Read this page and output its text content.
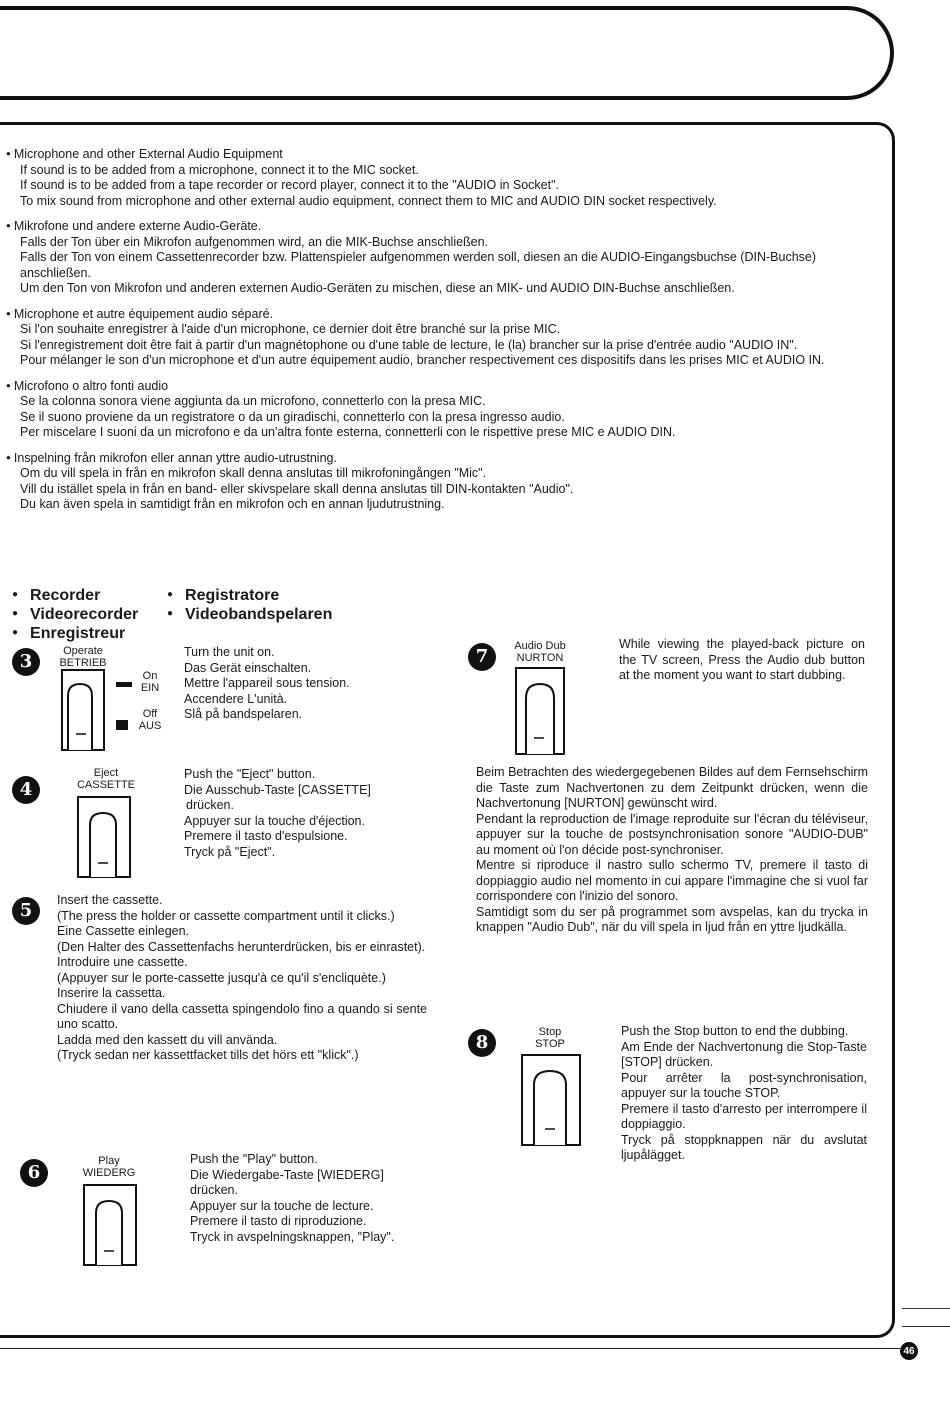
46
● Microphone and other External Audio Equipment
If sound is to be added from a microphone, connect it to the MIC socket.
If sound is to be added from a tape recorder or record player, connect it to the "AUDIO in Socket".
To mix sound from microphone and other external audio equipment, connect them to MIC and AUDIO DIN socket respectively.
● Mikrofone und andere externe Audio-Geräte.
Falls der Ton über ein Mikrofon aufgenommen wird, an die MIK-Buchse anschließen.
Falls der Ton von einem Cassettenrecorder bzw. Plattenspieler aufgenommen werden soll, diesen an die AUDIO-Eingangsbuchse (DIN-Buchse) anschließen.
Um den Ton von Mikrofon und anderen externen Audio-Geräten zu mischen, diese an MIK- und AUDIO DIN-Buchse anschließen.
● Microphone et autre équipement audio séparé.
Si l'on souhaite enregistrer à l'aide d'un microphone, ce dernier doit être branché sur la prise MIC.
Si l'enregistrement doit être fait à partir d'un magnétophone ou d'une table de lecture, le (la) brancher sur la prise d'entrée audio "AUDIO IN".
Pour mélanger le son d'un microphone et d'un autre équipement audio, brancher respectivement ces dispositifs dans les prises MIC et AUDIO IN.
● Microfono o altro fonti audio
Se la colonna sonora viene aggiunta da un microfono, connetterlo con la presa MIC.
Se il suono proviene da un registratore o da un giradischi, connetterlo con la presa ingresso audio.
Per miscelare I suoni da un microfono e da un'altra fonte esterna, connetterli con le rispettive prese MIC e AUDIO DIN.
● Inspelning från mikrofon eller annan yttre audio-utrustning.
Om du vill spela in från en mikrofon skall denna anslutas till mikrofoningången "Mic".
Vill du istället spela in från en band- eller skivspelare skall denna anslutas till DIN-kontakten "Audio".
Du kan även spela in samtidigt från en mikrofon och en annan ljudutrustning.
● Recorder
● Videorecorder
● Enregistreur
● Registratore
● Videobandspelaren
3
Operate
BETRIEB
On
EIN
Off
AUS
Turn the unit on.
Das Gerät einschalten.
Mettre l'appareil sous tension.
Accendere L'unità.
Slå på bandspelaren.
4
Eject
CASSETTE
Push the "Eject" button.
Die Ausschub-Taste [CASSETTE]
drücken.
Appuyer sur la touche d'éjection.
Premere il tasto d'espulsione.
Tryck på "Eject".
5
Insert the cassette.
(The press the holder or cassette compartment until it clicks.)
Eine Cassette einlegen.
(Den Halter des Cassettenfachs herunterdrücken, bis er einrastet).
Introduire une cassette.
(Appuyer sur le porte-cassette jusqu'à ce qu'il s'encliquète.)
Inserire la cassetta.
Chiudere il vano della cassetta spingendolo fino a quando si sente uno scatto.
Ladda med den kassett du vill använda.
(Tryck sedan ner kassettfacket tills det hörs ett "klick".)
6
Play
WIEDERG
Push the "Play" button.
Die Wiedergabe-Taste [WIEDERG]
drücken.
Appuyer sur la touche de lecture.
Premere il tasto di riproduzione.
Tryck in avspelningsknappen, "Play".
7
Audio Dub
NURTON
While viewing the played-back picture on the TV screen, Press the Audio dub button at the moment you want to start dubbing.
Beim Betrachten des wiedergegebenen Bildes auf dem Fernsehschirm die Taste zum Nachvertonen zu dem Zeitpunkt drücken, wenn die Nachvertonung [NURTON] gewünscht wird.
Pendant la reproduction de l'image reproduite sur l'écran du téléviseur, appuyer sur la touche de postsynchronisation sonore "AUDIO-DUB" au moment où l'on décide post-synchroniser.
Mentre si riproduce il nastro sullo schermo TV, premere il tasto di doppiaggio audio nel momento in cui appare l'immagine che si vuol far corrispondere con l'inizio del sonoro.
Samtidigt som du ser på programmet som avspelas, kan du trycka in knappen "Audio Dub", när du vill spela in ljud från en yttre ljudkälla.
8
Stop
STOP
Push the Stop button to end the dubbing.
Am Ende der Nachvertonung die Stop-Taste [STOP] drücken.
Pour arrêter la post-synchronisation, appuyer sur la touche STOP.
Premere il tasto d'arresto per interrompere il doppiaggio.
Tryck på stoppknappen när du avslutat ljupålägget.
